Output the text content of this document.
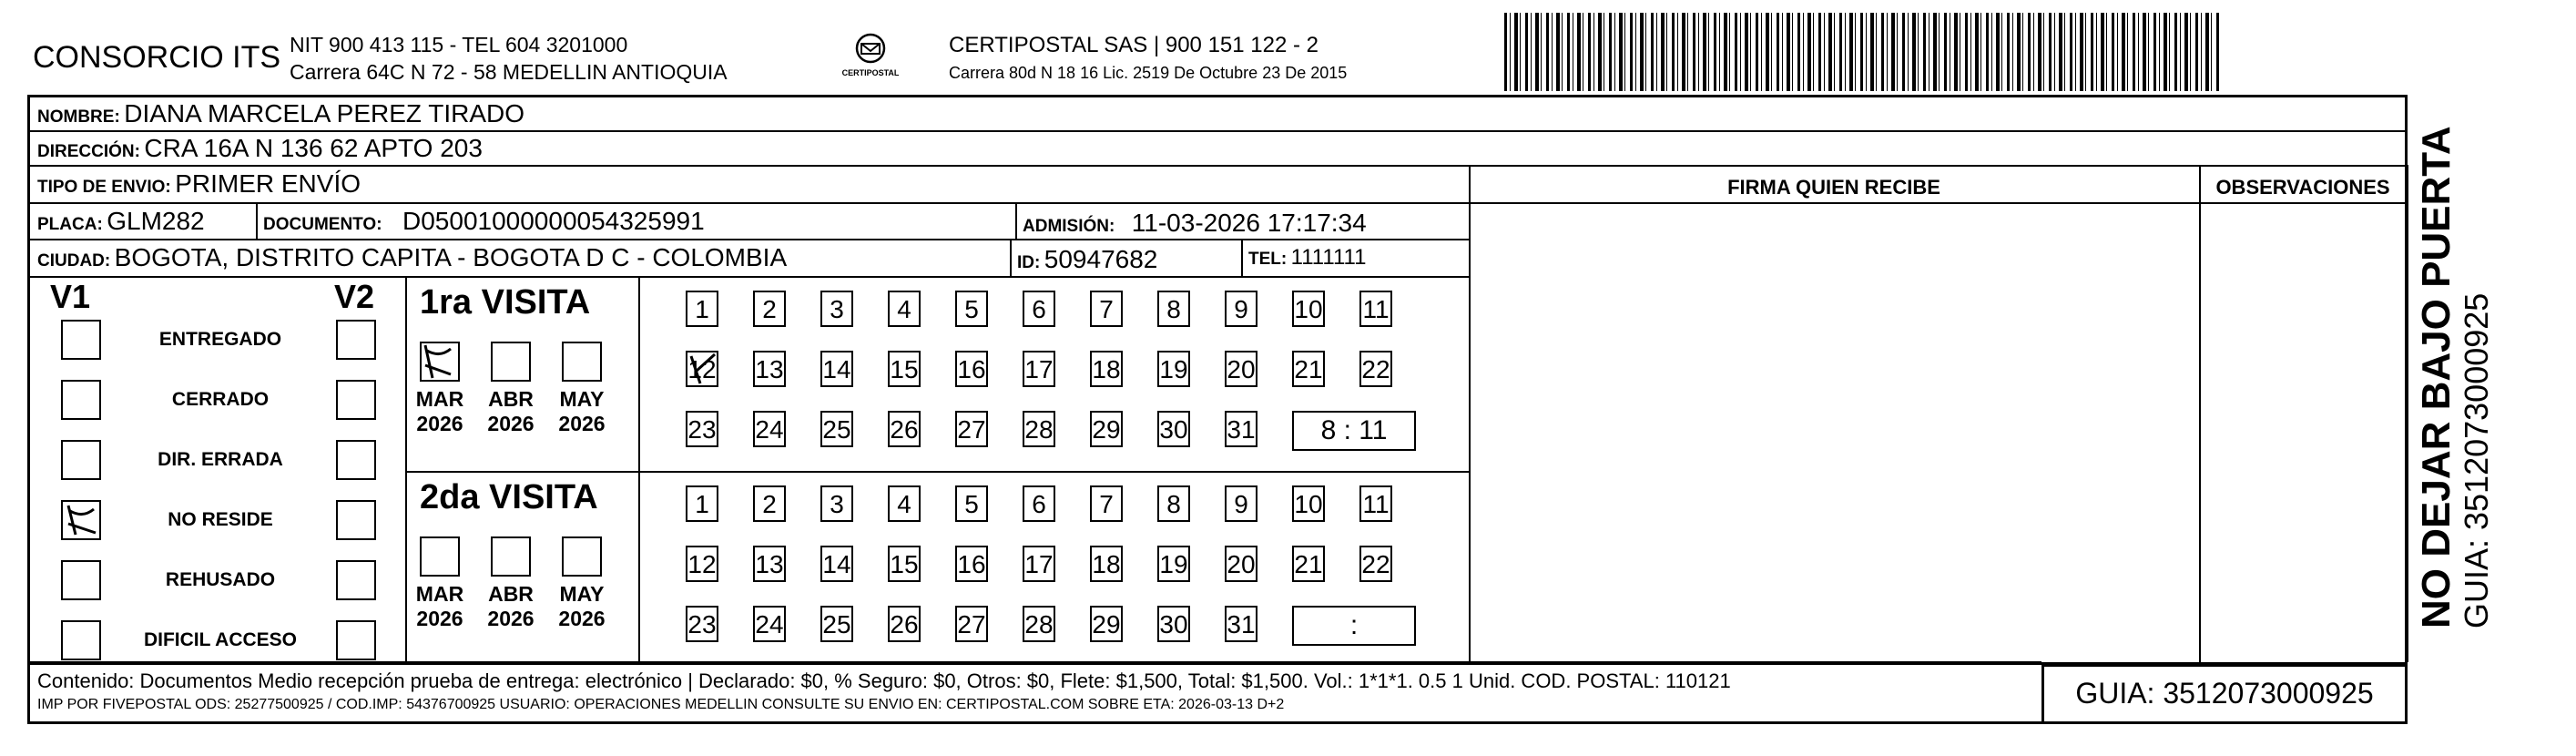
CONSORCIO ITS NIT 900 413 115 - TEL 604 3201000
Carrera 64C N 72 - 58 MEDELLIN ANTIOQUIA	CERTIPOSTAL
CERTIPOSTAL SAS | 900 151 122 - 2
Carrera 80d N 18 16 Lic. 2519 De Octubre 23 De 2015
NOMBRE: DIANA MARCELA PEREZ TIRADO
DIRECCIÓN: CRA 16A N 136 62 APTO 203
TIPO DE ENVIO: PRIMER ENVÍO
PLACA: GLM282	DOCUMENTO: D05001000000054325991	ADMISIÓN: 11-03-2026 17:17:34
CIUDAD: BOGOTA, DISTRITO CAPITA - BOGOTA D C - COLOMBIA	ID: 50947682	TEL: 1111111
FIRMA QUIEN RECIBE	OBSERVACIONES
V1	V2
ENTREGADO
CERRADO
DIR. ERRADA
NO RESIDE
REHUSADO
DIFICIL ACCESO
1ra VISITA
MAR
2026
ABR
2026
MAY
2026
1	2	3	4	5	6	7	8	9	10 11
12 13 14 15 16 17 18 19 20 21 22
23 24 25 26 27 28 29 30 31	8 : 11
2da VISITA
MAR
2026
ABR
2026
MAY
2026
1	2	3	4	5	6	7	8	9	10 11
12 13 14 15 16 17 18 19 20 21 22
23 24 25 26 27 28 29 30 31	:
Contenido: Documentos Medio recepción prueba de entrega: electrónico | Declarado: $0, % Seguro: $0, Otros: $0, Flete: $1,500, Total: $1,500. Vol.: 1*1*1. 0.5 1 Unid. COD. POSTAL: 110121
IMP POR FIVEPOSTAL ODS: 25277500925 / COD.IMP: 54376700925 USUARIO: OPERACIONES MEDELLIN CONSULTE SU ENVIO EN: CERTIPOSTAL.COM SOBRE ETA: 2026-03-13 D+2	GUIA: 3512073000925
NO DEJAR BAJO PUERTA GUIA: 3512073000925
